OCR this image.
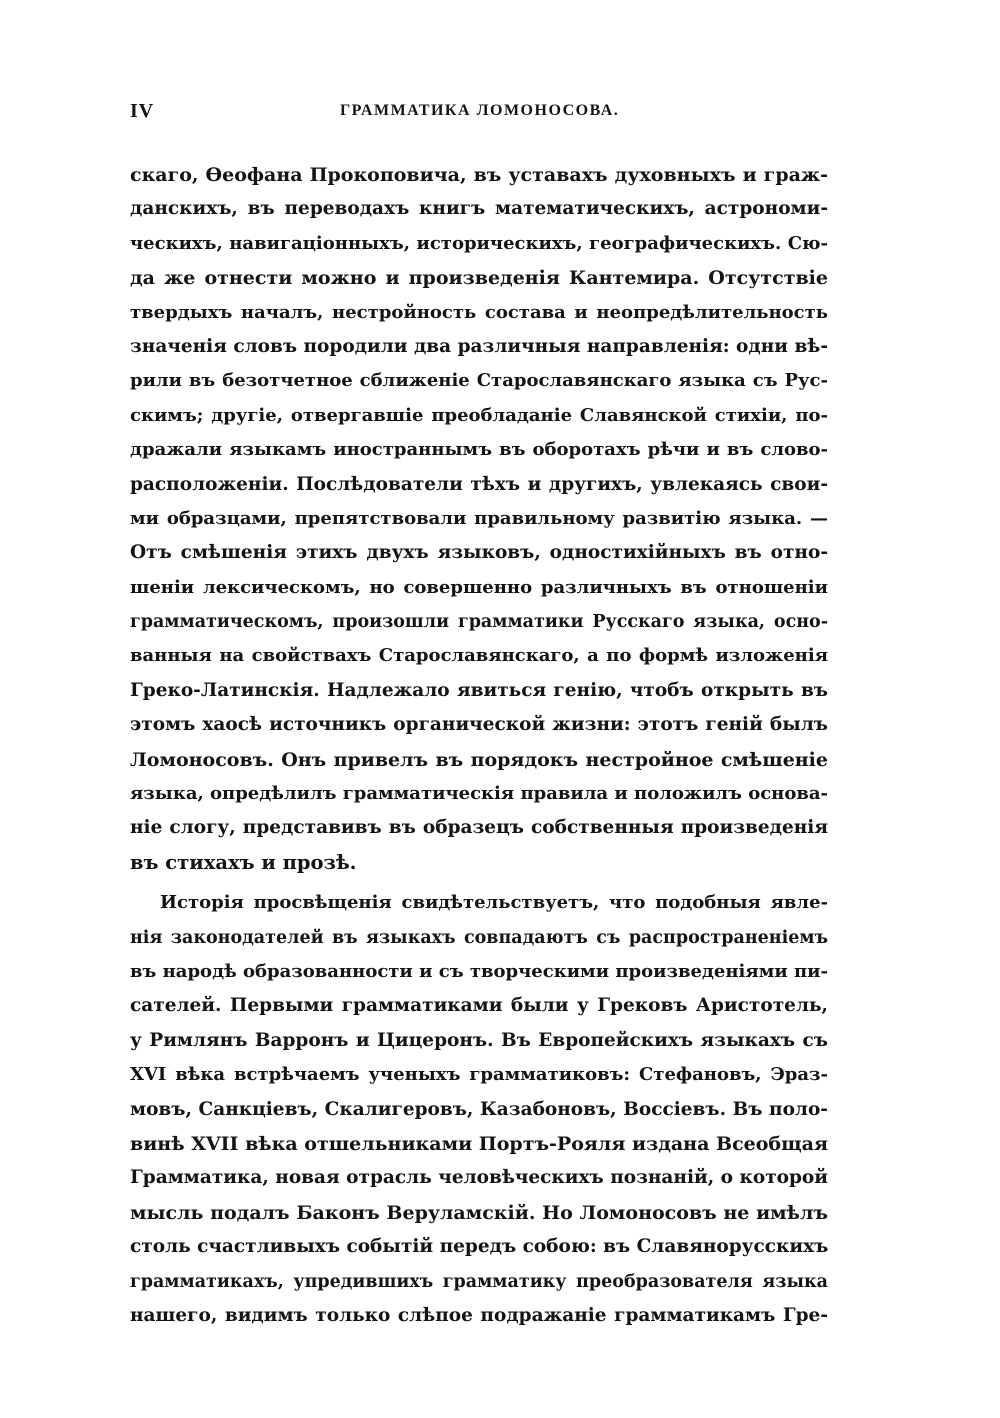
IV	ГРАММАТИКА ЛОМОНОСОВА.
скаго, Ѳеофана Прокоповича, въ уставахъ духовныхъ и граж-
данскихъ, въ переводахъ книгъ математическихъ, астрономи-
ческихъ, навигаціонныхъ, историческихъ, географическихъ. Сю-
да же отнести можно и произведенія Кантемира. Отсутствіе
твердыхъ началъ, нестройность состава и неопредѣлительность
значенія словъ породили два различныя направленія: одни вѣ-
рили въ безотчетное сближеніе Старославянскаго языка съ Рус-
скимъ; другіе, отвергавшіе преобладаніе Славянской стихіи, по-
дражали языкамъ иностраннымъ въ оборотахъ рѣчи и въ слово-
расположеніи. Послѣдователи тѣхъ и другихъ, увлекаясь свои-
ми образцами, препятствовали правильному развитію языка. —
Отъ смѣшенія этихъ двухъ языковъ, одностихійныхъ въ отно-
шеніи лексическомъ, но совершенно различныхъ въ отношеніи
грамматическомъ, произошли грамматики Русскаго языка, осно-
ванныя на свойствахъ Старославянскаго, а по формѣ изложенія
Греко-Латинскія. Надлежало явиться генію, чтобъ открыть въ
этомъ хаосѣ источникъ органической жизни: этотъ геній былъ
Ломоносовъ. Онъ привелъ въ порядокъ нестройное смѣшеніе
языка, опредѣлилъ грамматическія правила и положилъ основа-
ніе слогу, представивъ въ образецъ собственныя произведенія
въ стихахъ и прозѣ.
Исторія просвѣщенія свидѣтельствуетъ, что подобныя явле-
нія законодателей въ языкахъ совпадаютъ съ распространеніемъ
въ народѣ образованности и съ творческими произведеніями пи-
сателей. Первыми грамматиками были у Грековъ Аристотель,
у Римлянъ Варронъ и Цицеронъ. Въ Европейскихъ языкахъ съ
XVI вѣка встрѣчаемъ ученыхъ грамматиковъ: Стефановъ, Эраз-
мовъ, Санкціевъ, Скалигеровъ, Казабоновъ, Воссіевъ. Въ поло-
винѣ XVII вѣка отшельниками Портъ-Рояля издана Всеобщая
Грамматика, новая отрасль человѣческихъ познаній, о которой
мысль подалъ Баконъ Веруламскій. Но Ломоносовъ не имѣлъ
столь счастливыхъ событій передъ собою: въ Славянорусскихъ
грамматикахъ, упредившихъ грамматику преобразователя языка
нашего, видимъ только слѣпое подражаніе грамматикамъ Гре-
